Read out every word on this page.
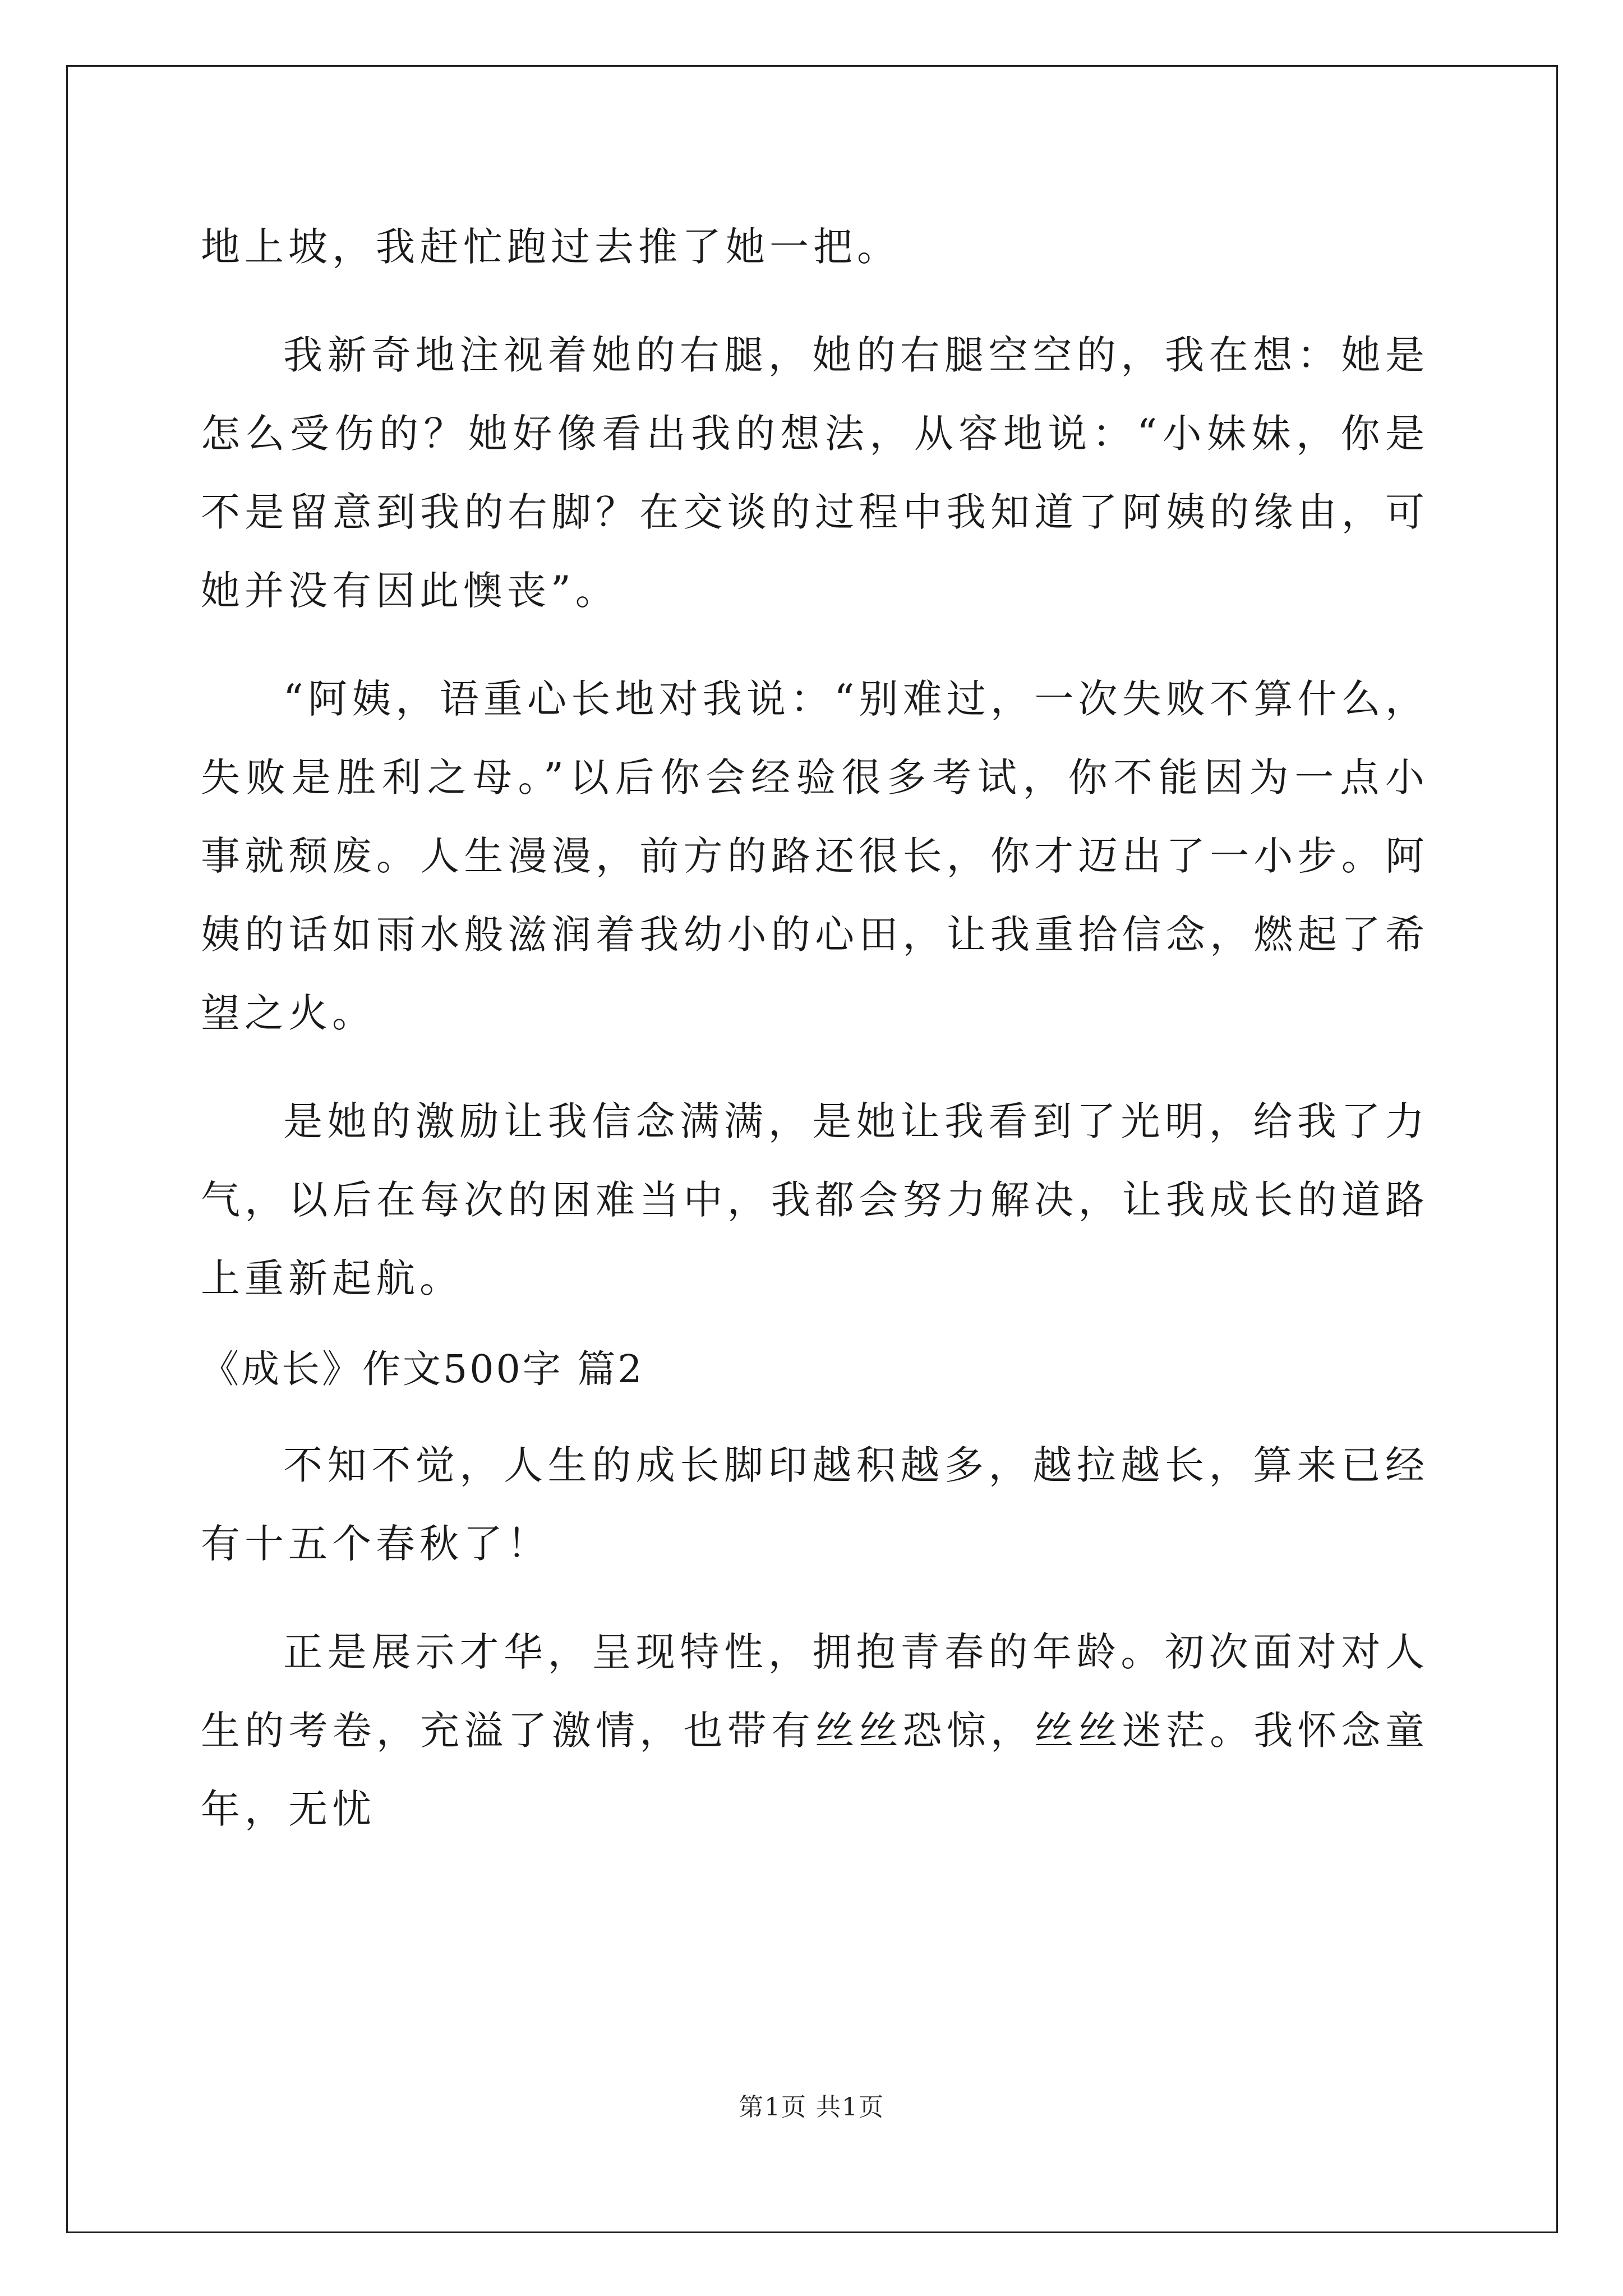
地上坡，我赶忙跑过去推了她一把。

我新奇地注视着她的右腿，她的右腿空空的，我在想：她是怎么受伤的？她好像看出我的想法，从容地说：“小妹妹，你是不是留意到我的右脚？在交谈的过程中我知道了阿姨的缘由，可她并没有因此懊丧”。

“阿姨，语重心长地对我说：“别难过，一次失败不算什么，失败是胜利之母。”以后你会经验很多考试，你不能因为一点小事就颓废。人生漫漫，前方的路还很长，你才迈出了一小步。阿姨的话如雨水般滋润着我幼小的心田，让我重拾信念，燃起了希望之火。

是她的激励让我信念满满，是她让我看到了光明，给我了力气，以后在每次的困难当中，我都会努力解决，让我成长的道路上重新起航。

《成长》作文500字 篇2

不知不觉，人生的成长脚印越积越多，越拉越长，算来已经有十五个春秋了！

正是展示才华，呈现特性，拥抱青春的年龄。初次面对对人生的考卷，充溢了激情，也带有丝丝恐惊，丝丝迷茫。我怀念童年，无忧

第1页 共1页
